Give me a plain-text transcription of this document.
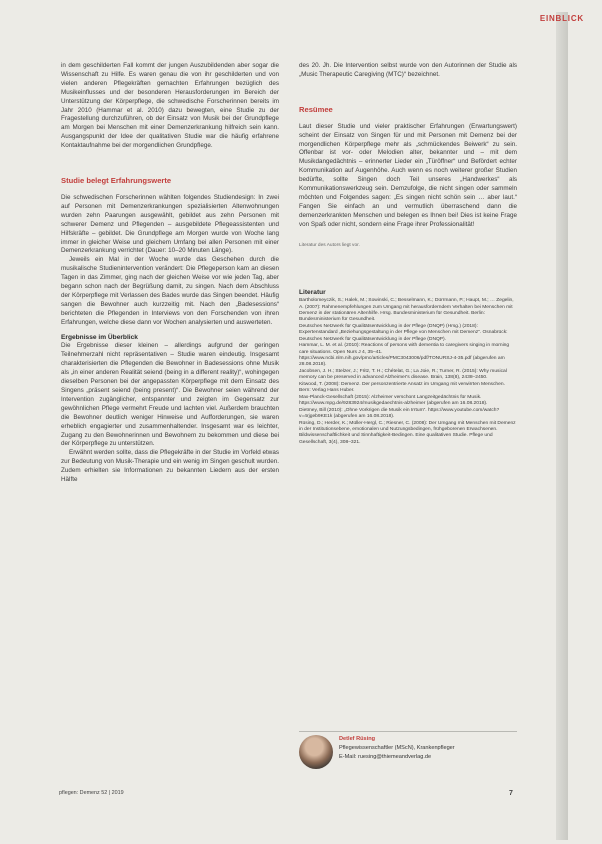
EINBLICK

in dem geschilderten Fall kommt der jungen Auszubildenden aber sogar die Wissenschaft zu Hilfe. Es waren genau die von ihr geschilderten und von vielen anderen Pflegekräften gemachten Erfahrungen bezüglich des Musikeinflusses und der besonderen Herausforderungen im Bereich der Unterstützung der Körperpflege, die schwedische Forscherinnen bereits im Jahr 2010 (Hammar et al. 2010) dazu bewegten, eine Studie zu der Fragestellung durchzuführen, ob der Einsatz von Musik bei der Grundpflege am Morgen bei Menschen mit einer Demenzerkrankung hilfreich sein kann. Ausgangspunkt der Idee der qualitativen Studie war die häufig erfahrene Kontaktaufnahme bei der morgendlichen Grundpflege.

Studie belegt Erfahrungswerte

Die schwedischen Forscherinnen wählten folgendes Studiendesign: In zwei auf Personen mit Demenzerkrankungen spezialisierten Altenwohnungen wurden zehn Paarungen ausgewählt, gebildet aus zehn Personen mit schwerer Demenz und Pflegenden – ausgebildete Pflegeassistenten und Hilfskräfte – gebildet. Die Grundpflege am Morgen wurde von Woche lang immer in gleicher Weise und gleichem Umfang bei allen Personen mit einer Demenzerkrankung verrichtet (Dauer: 10–20 Minuten Länge).

Jeweils ein Mal in der Woche wurde das Geschehen durch die musikalische Studienintervention verändert: Die Pflegeperson kam an diesen Tagen in das Zimmer, ging nach der gleichen Weise vor wie jeden Tag, aber begann schon nach der Begrüßung damit, zu singen. Nach dem Abschluss der Körperpflege mit Verlassen des Bades wurde das Singen beendet. Häufig sangen die Bewohner auch kurzzeitig mit. Nach den „Badesessions“ berichteten die Pflegenden in Interviews von den Forschenden von ihren Erfahrungen, welche diese dann vor Wochen analysierten und auswerteten.

Ergebnisse im Überblick

Die Ergebnisse dieser kleinen – allerdings aufgrund der geringen Teilnehmerzahl nicht repräsentativen – Studie waren eindeutig. Insgesamt charakterisierten die Pflegenden die Bewohner in Badesessions ohne Musik als „in einer anderen Realität seiend (being in a different reality)“, wohingegen dieselben Personen bei der angepassten Körperpflege mit dem Einsatz des Singens „präsent seiend (being present)“. Die Bewohner seien während der Intervention zugänglicher, entspannter und zeigten im Gegensatz zur gewöhnlichen Pflege vermehrt Freude und lachten viel. Außerdem brauchten die Bewohner deutlich weniger Hinweise und Aufforderungen, sie waren erheblich engagierter und zusammenhaltender. Insgesamt war es leichter, Zugang zu den Bewohnerinnen und Bewohnern zu bekommen und diese bei der Körperpflege zu unterstützen.

Erwähnt werden sollte, dass die Pflegekräfte in der Studie im Vorfeld etwas zur Bedeutung von Musik-Therapie und ein wenig im Singen geschult wurden. Zudem erhielten sie Informationen zu bekannten Liedern aus der ersten Hälfte

des 20. Jh. Die Intervention selbst wurde von den Autorinnen der Studie als „Music Therapeutic Caregiving (MTC)“ bezeichnet.

Resümee

Laut dieser Studie und vieler praktischer Erfahrungen (Erwartungswert) scheint der Einsatz von Singen für und mit Personen mit Demenz bei der morgendlichen Körperpflege mehr als „schmückendes Beiwerk“ zu sein. Offenbar ist vor- oder Melodien alter, bekannter und – mit dem Musikdangedächtnis – erinnerter Lieder ein „Türöffner“ und Befördert echter Kommunikation auf Augenhöhe. Auch wenn es noch weiterer großer Studien bedürfte, sollte Singen doch Teil unseres „Handwerkes“ als Kommunikationswerkzeug sein. Demzufolge, die nicht singen oder sammeln möchten und Folgendes sagen: „Es singen nicht schön sein … aber laut.“ Fangen Sie einfach an und vermutlich überraschend dann die demenzerkrankten Menschen und belegen es Ihnen bei! Dies ist keine Frage von Spaß oder nicht, sondern eine Frage ihrer Professionalität!

Literatur des Autors liegt vor.

Literatur

Bartholomeyczik, S.; Halek, M.; Sowinski, C.; Besselmann, K.; Dürrmann, P.; Haupt, M.; … Zegelin, A. (2007): Rahmenempfehlungen zum Umgang mit herausforderndem Verhalten bei Menschen mit Demenz in der stationären Altenhilfe. Hrsg. Bundesministerium für Gesundheit. Berlin: Bundesministerium für Gesundheit.
Deutsches Netzwerk für Qualitätsentwicklung in der Pflege (DNQP) (Hrsg.) (2018): Expertenstandard „Beziehungsgestaltung in der Pflege von Menschen mit Demenz“. Osnabrück: Deutsches Netzwerk für Qualitätsentwicklung in der Pflege (DNQP).
Hammar, L. M. et al. (2010): Reactions of persons with dementia to caregivers singing in morning care situations. Open Nurs J 4, 35–41. https://www.ncbi.nlm.nih.gov/pmc/articles/PMC3043006/pdf/TONURSJ-4-35.pdf (abgerufen am 28.08.2018).
Jacobsen, J. H.; Stelzer, J.; Fritz, T. H.; Chételat, G.; La Joie, R.; Turner, R. (2015): Why musical memory can be preserved in advanced Alzheimer's disease. Brain, 138(8), 2438–2450.
Kitwood, T. (2008): Demenz. Der personzentrierte Ansatz im Umgang mit verwirrten Menschen. Bern: Verlag Hans Huber.
Max-Planck-Gesellschaft (2015): Alzheimer verschont Langzeitgedächtnis für Musik. https://www.mpg.de/9283924/musikgedaechtnis-alzheimer (abgerufen am 16.08.2018).
Dietmey, Bill (2010): „Ohne Vorkrigen die Musik ein Irrtum“. https://www.youtube.com/watch?v=4rjgeb9KE1k (abgerufen am 16.08.2018).
Rüsing, D.; Herder, K.; Müller-Hergl, C.; Riesner, C. (2008): Der Umgang mit Menschen mit Demenz in der Institutionsebene, emotionalen und Nutzungsbedingen, frühgeborenen Erwachsenen. Bildwissenschaftlichkeit und Sinnhaftigkeit-Bedingen. Eine qualitativen Studie. Pflege und Gesellschaft, 3(4), 308–321.
Detlef Rüsing
Pflegewissenschaftler (MScN), Krankenpfleger
E-Mail: ruesing@thiemeandverlag.de
pflegen: Demenz 52 | 2019	7
